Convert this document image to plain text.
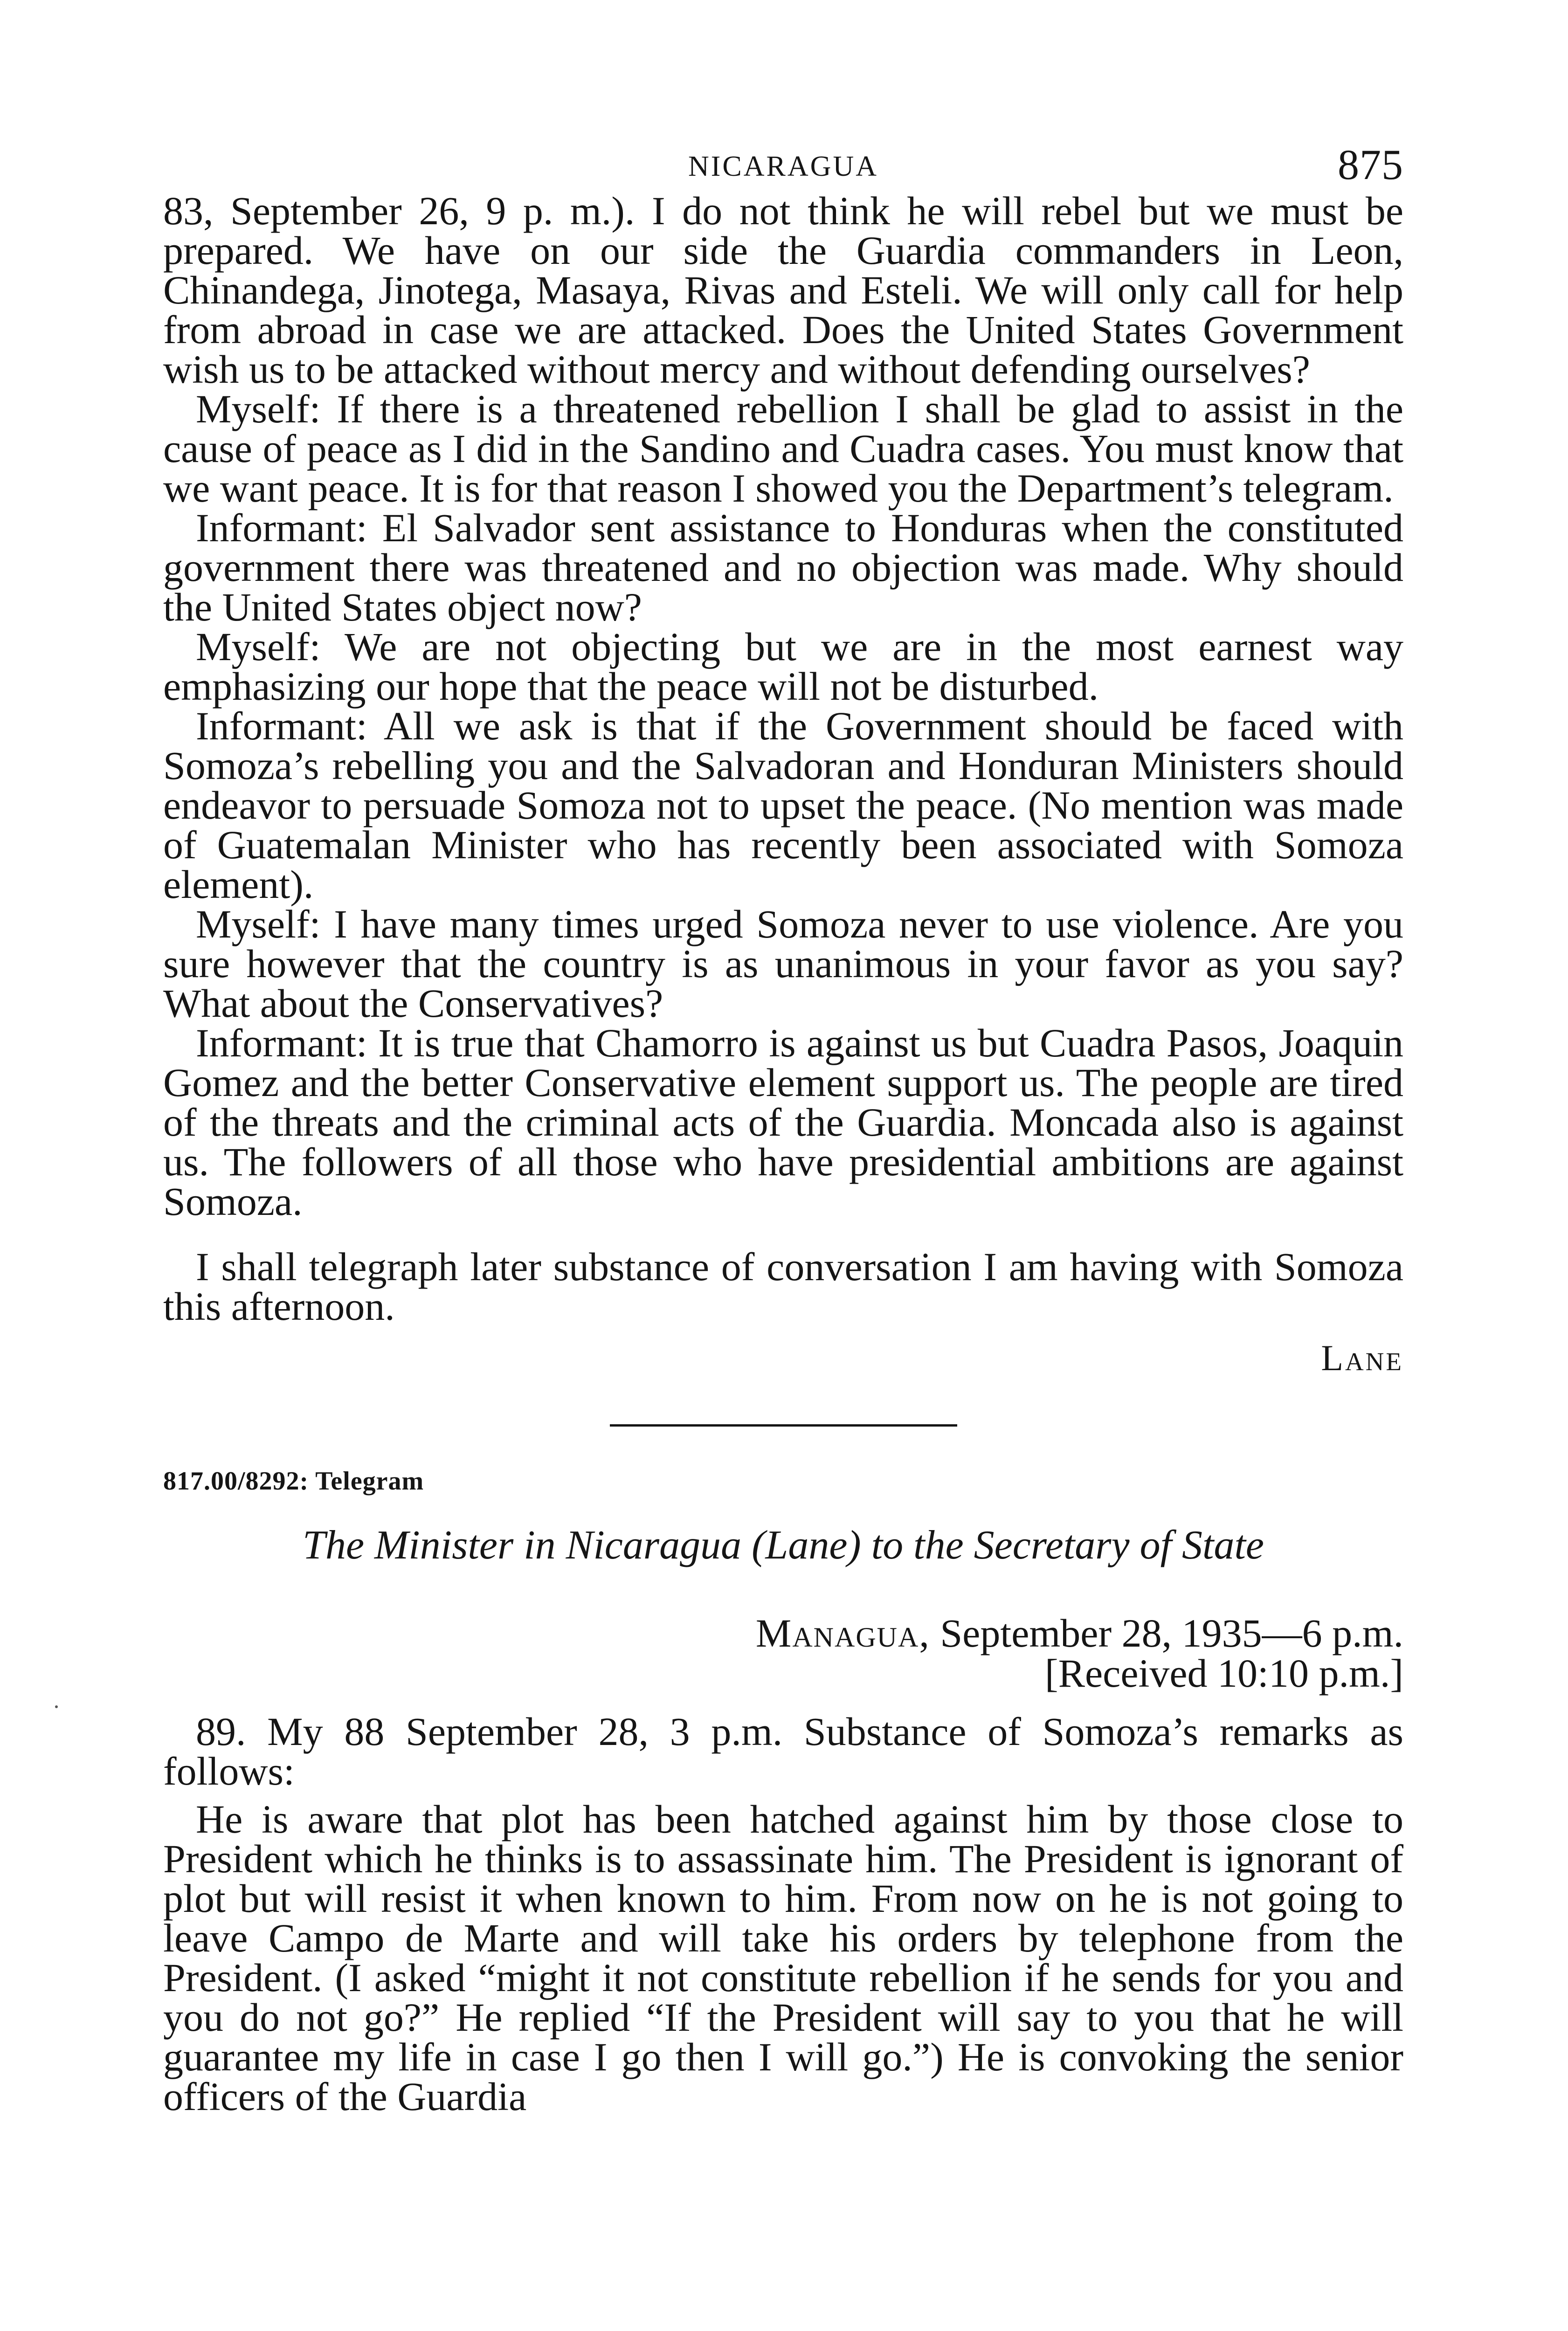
NICARAGUA	875

83, September 26, 9 p. m.). I do not think he will rebel but we must be prepared. We have on our side the Guardia commanders in Leon, Chinandega, Jinotega, Masaya, Rivas and Esteli. We will only call for help from abroad in case we are attacked. Does the United States Government wish us to be attacked without mercy and without defending ourselves?

Myself: If there is a threatened rebellion I shall be glad to assist in the cause of peace as I did in the Sandino and Cuadra cases. You must know that we want peace. It is for that reason I showed you the Department’s telegram.

Informant: El Salvador sent assistance to Honduras when the constituted government there was threatened and no objection was made. Why should the United States object now?

Myself: We are not objecting but we are in the most earnest way emphasizing our hope that the peace will not be disturbed.

Informant: All we ask is that if the Government should be faced with Somoza’s rebelling you and the Salvadoran and Honduran Ministers should endeavor to persuade Somoza not to upset the peace. (No mention was made of Guatemalan Minister who has recently been associated with Somoza element).

Myself: I have many times urged Somoza never to use violence. Are you sure however that the country is as unanimous in your favor as you say? What about the Conservatives?

Informant: It is true that Chamorro is against us but Cuadra Pasos, Joaquin Gomez and the better Conservative element support us. The people are tired of the threats and the criminal acts of the Guardia. Moncada also is against us. The followers of all those who have presidential ambitions are against Somoza.

I shall telegraph later substance of conversation I am having with Somoza this afternoon.

Lane
817.00/8292: Telegram
The Minister in Nicaragua (Lane) to the Secretary of State
Managua, September 28, 1935—6 p.m.
[Received 10:10 p.m.]

89. My 88 September 28, 3 p.m. Substance of Somoza’s remarks as follows:

He is aware that plot has been hatched against him by those close to President which he thinks is to assassinate him. The President is ignorant of plot but will resist it when known to him. From now on he is not going to leave Campo de Marte and will take his orders by telephone from the President. (I asked “might it not constitute rebellion if he sends for you and you do not go?” He replied “If the President will say to you that he will guarantee my life in case I go then I will go.”) He is convoking the senior officers of the Guardia
